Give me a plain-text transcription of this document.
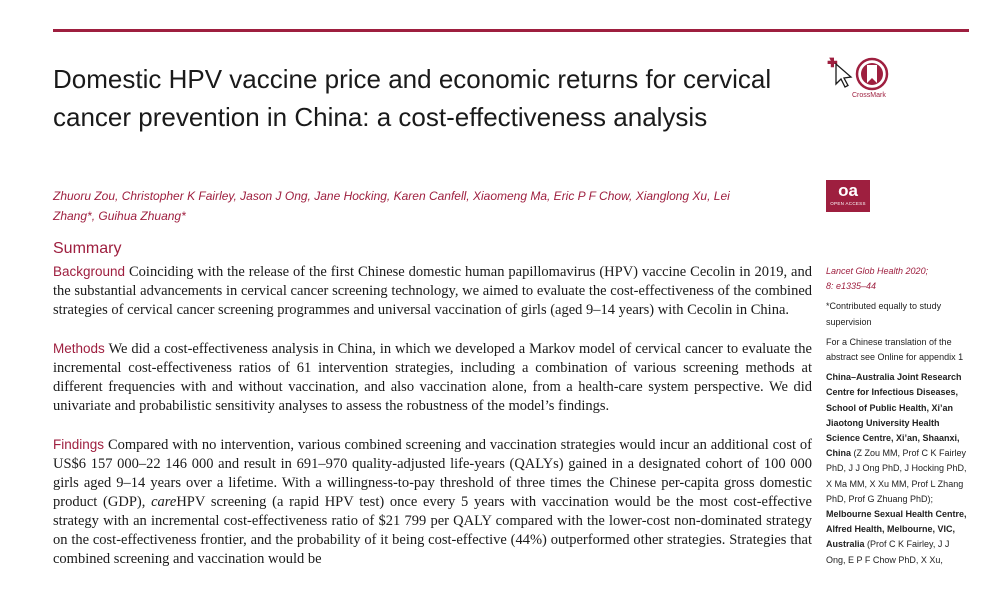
Domestic HPV vaccine price and economic returns for cervical cancer prevention in China: a cost-effectiveness analysis
Zhuoru Zou, Christopher K Fairley, Jason J Ong, Jane Hocking, Karen Canfell, Xiaomeng Ma, Eric P F Chow, Xianglong Xu, Lei Zhang*, Guihua Zhuang*
Summary

Background Coinciding with the release of the first Chinese domestic human papillomavirus (HPV) vaccine Cecolin in 2019, and the substantial advancements in cervical cancer screening technology, we aimed to evaluate the cost-effectiveness of the combined strategies of cervical cancer screening programmes and universal vaccination of girls (aged 9–14 years) with Cecolin in China.

Methods We did a cost-effectiveness analysis in China, in which we developed a Markov model of cervical cancer to evaluate the incremental cost-effectiveness ratios of 61 intervention strategies, including a combination of various screening methods at different frequencies with and without vaccination, and also vaccination alone, from a health-care system perspective. We did univariate and probabilistic sensitivity analyses to assess the robustness of the model’s findings.

Findings Compared with no intervention, various combined screening and vaccination strategies would incur an additional cost of US$6 157 000–22 146 000 and result in 691–970 quality-adjusted life-years (QALYs) gained in a designated cohort of 100 000 girls aged 9–14 years over a lifetime. With a willingness-to-pay threshold of three times the Chinese per-capita gross domestic product (GDP), careHPV screening (a rapid HPV test) once every 5 years with vaccination would be the most cost-effective strategy with an incremental cost-effectiveness ratio of $21 799 per QALY compared with the lower-cost non-dominated strategy on the cost-effectiveness frontier, and the probability of it being cost-effective (44%) outperformed other strategies. Strategies that combined screening and vaccination would be

CrossMark
oa
OPEN ACCESS

Lancet Glob Health 2020;
8: e1335–44

*Contributed equally to study supervision

For a Chinese translation of the abstract see Online for appendix 1

China–Australia Joint Research Centre for Infectious Diseases, School of Public Health, Xi’an Jiaotong University Health Science Centre, Xi’an, Shaanxi, China (Z Zou MM, Prof C K Fairley PhD, J J Ong PhD, J Hocking PhD, X Ma MM, X Xu MM, Prof L Zhang PhD, Prof G Zhuang PhD); Melbourne Sexual Health Centre, Alfred Health, Melbourne, VIC, Australia (Prof C K Fairley, J J Ong, E P F Chow PhD, X Xu,
